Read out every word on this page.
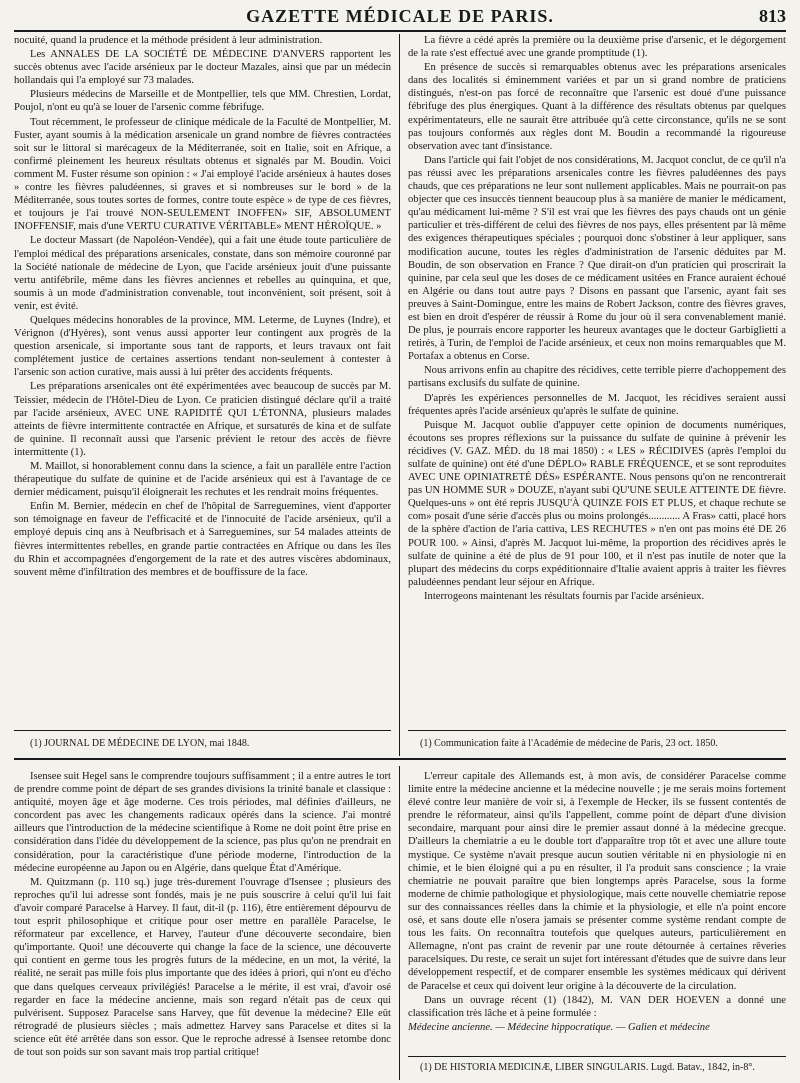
GAZETTE MÉDICALE DE PARIS.	813

nocuité, quand la prudence et la méthode président à leur administration.

Les ANNALES DE LA SOCIÉTÉ DE MÉDECINE D'ANVERS rapportent les succès obtenus avec l'acide arsénieux par le docteur Mazales, ainsi que par un médecin hollandais qui l'a employé sur 73 malades.

Plusieurs médecins de Marseille et de Montpellier, tels que MM. Chrestien, Lordat, Poujol, n'ont eu qu'à se louer de l'arsenic comme fébrifuge.

Tout récemment, le professeur de clinique médicale de la Faculté de Montpellier, M. Fuster, ayant soumis à la médication arsenicale un grand nombre de fièvres contractées soit sur le littoral si marécageux de la Méditerranée, soit en Italie, soit en Afrique, a confirmé pleinement les heureux résultats obtenus et signalés par M. Boudin. Voici comment M. Fuster résume son opinion : « J'ai employé l'acide arsénieux à hautes doses » contre les fièvres paludéennes, si graves et si nombreuses sur le bord » de la Méditerranée, sous toutes sortes de formes, contre toute espèce » de type de ces fièvres, et toujours je l'ai trouvé NON-SEULEMENT INOFFEN» SIF, ABSOLUMENT INOFFENSIF, mais d'une VERTU CURATIVE VÉRITABLE» MENT HÉROÏQUE. »

Le docteur Massart (de Napoléon-Vendée), qui a fait une étude toute particulière de l'emploi médical des préparations arsenicales, constate, dans son mémoire couronné par la Société nationale de médecine de Lyon, que l'acide arsénieux jouit d'une puissante vertu antifébrile, même dans les fièvres anciennes et rebelles au quinquina, et que, soumis à un mode d'administration convenable, tout inconvénient, soit présent, soit à venir, est évité.

Quelques médecins honorables de la province, MM. Leterme, de Luynes (Indre), et Vérignon (d'Hyères), sont venus aussi apporter leur contingent aux progrès de la question arsenicale, si importante sous tant de rapports, et leurs travaux ont fait complétement justice de certaines assertions tendant non-seulement à contester à l'arsenic son action curative, mais aussi à lui prêter des accidents fréquents.

Les préparations arsenicales ont été expérimentées avec beaucoup de succès par M. Teissier, médecin de l'Hôtel-Dieu de Lyon. Ce praticien distingué déclare qu'il a traité par l'acide arsénieux, AVEC UNE RAPIDITÉ QUI L'ÉTONNA, plusieurs malades atteints de fièvre intermittente contractée en Afrique, et sursaturés de kina et de sulfate de quinine. Il reconnaît aussi que l'arsenic prévient le retour des accès de fièvre intermittente (1).

M. Maillot, si honorablement connu dans la science, a fait un parallèle entre l'action thérapeutique du sulfate de quinine et de l'acide arsénieux qui est à l'avantage de ce dernier médicament, puisqu'il éloignerait les rechutes et les rendrait moins fréquentes.

Enfin M. Bernier, médecin en chef de l'hôpital de Sarreguemines, vient d'apporter son témoignage en faveur de l'efficacité et de l'innocuité de l'acide arsénieux, qu'il a employé depuis cinq ans à Neufbrisach et à Sarreguemines, sur 54 malades atteints de fièvres intermittentes rebelles, en grande partie contractées en Afrique ou dans les îles du Rhin et accompagnées d'engorgement de la rate et des autres viscères abdominaux, souvent même d'infiltration des membres et de bouffissure de la face.

La fièvre a cédé après la première ou la deuxième prise d'arsenic, et le dégorgement de la rate s'est effectué avec une grande promptitude (1).

En présence de succès si remarquables obtenus avec les préparations arsenicales dans des localités si éminemment variées et par un si grand nombre de praticiens distingués, n'est-on pas forcé de reconnaître que l'arsenic est doué d'une puissance fébrifuge des plus énergiques. Quant à la différence des résultats obtenus par quelques expérimentateurs, elle ne saurait être attribuée qu'à cette circonstance, qu'ils ne se sont pas toujours conformés aux règles dont M. Boudin a recommandé la rigoureuse observation avec tant d'insistance.

Dans l'article qui fait l'objet de nos considérations, M. Jacquot conclut, de ce qu'il n'a pas réussi avec les préparations arsenicales contre les fièvres paludéennes des pays chauds, que ces préparations ne leur sont nullement applicables. Mais ne pourrait-on pas objecter que ces insuccès tiennent beaucoup plus à sa manière de manier le médicament, qu'au médicament lui-même ? S'il est vrai que les fièvres des pays chauds ont un génie particulier et très-différent de celui des fièvres de nos pays, elles présentent par là même des exigences thérapeutiques spéciales ; pourquoi donc s'obstiner à leur appliquer, sans modification aucune, toutes les règles d'administration de l'arsenic déduites par M. Boudin, de son observation en France ? Que dirait-on d'un praticien qui proscrirait la quinine, par cela seul que les doses de ce médicament usitées en France auraient échoué en Algérie ou dans tout autre pays ? Disons en passant que l'arsenic, ayant fait ses preuves à Saint-Domingue, entre les mains de Robert Jackson, contre des fièvres graves, est bien en droit d'espérer de réussir à Rome du jour où il sera convenablement manié. De plus, je pourrais encore rapporter les heureux avantages que le docteur Garbiglietti a retirés, à Turin, de l'emploi de l'acide arsénieux, et ceux non moins remarquables que M. Portafax a obtenus en Corse.

Nous arrivons enfin au chapitre des récidives, cette terrible pierre d'achoppement des partisans exclusifs du sulfate de quinine.

D'après les expériences personnelles de M. Jacquot, les récidives seraient aussi fréquentes après l'acide arsénieux qu'après le sulfate de quinine.

Puisque M. Jacquot oublie d'appuyer cette opinion de documents numériques, écoutons ses propres réflexions sur la puissance du sulfate de quinine à prévenir les récidives (V. GAZ. MÉD. du 18 mai 1850) : « LES » RÉCIDIVES (après l'emploi du sulfate de quinine) ont été d'une DÉPLO» RABLE FRÉQUENCE, et se sont reproduites AVEC UNE OPINIATRETÉ DÉS» ESPÉRANTE. Nous pensons qu'on ne rencontrerait pas UN HOMME SUR » DOUZE, n'ayant subi QU'UNE SEULE ATTEINTE DE fièvre. Quelques-uns » ont été repris JUSQU'À QUINZE FOIS ET PLUS, et chaque rechute se com» posait d'une série d'accès plus ou moins prolongés............ A Fras» catti, placé hors de la sphère d'action de l'aria cattiva, LES RECHUTES » n'en ont pas moins été DE 26 POUR 100. » Ainsi, d'après M. Jacquot lui-même, la proportion des récidives après le sulfate de quinine a été de plus de 91 pour 100, et il n'est pas inutile de noter que la plupart des médecins du corps expéditionnaire d'Italie avaient appris à traiter les fièvres paludéennes pendant leur séjour en Afrique.

Interrogeons maintenant les résultats fournis par l'acide arsénieux.

(1) JOURNAL DE MÉDECINE DE LYON, mai 1848.	(1) Communication faite à l'Académie de médecine de Paris, 23 oct. 1850.

Isensee suit Hegel sans le comprendre toujours suffisamment ; il a entre autres le tort de prendre comme point de départ de ses grandes divisions la trinité banale et classique : antiquité, moyen âge et âge moderne. Ces trois périodes, mal définies d'ailleurs, ne concordent pas avec les changements radicaux opérés dans la science. J'ai montré ailleurs que l'introduction de la médecine scientifique à Rome ne doit point être prise en considération dans l'idée du développement de la science, pas plus qu'on ne prendrait en considération, pour la caractéristique d'une période moderne, l'introduction de la médecine européenne au Japon ou en Algérie, dans quelque État d'Amérique.

M. Quitzmann (p. 110 sq.) juge très-durement l'ouvrage d'Isensee ; plusieurs des reproches qu'il lui adresse sont fondés, mais je ne puis souscrire à celui qu'il lui fait d'avoir comparé Paracelse à Harvey. Il faut, dit-il (p. 116), être entièrement dépourvu de tout esprit philosophique et critique pour oser mettre en parallèle Paracelse, le réformateur par excellence, et Harvey, l'auteur d'une découverte secondaire, bien qu'importante. Quoi! une découverte qui change la face de la science, une découverte qui contient en germe tous les progrès futurs de la médecine, en un mot, la vérité, la réalité, ne serait pas mille fois plus importante que des idées à priori, qui n'ont eu d'écho que dans quelques cerveaux privilégiés! Paracelse a le mérite, il est vrai, d'avoir osé regarder en face la médecine ancienne, mais son regard n'était pas de ceux qui pulvérisent. Supposez Paracelse sans Harvey, que fût devenue la médecine? Elle eût rétrogradé de plusieurs siècles ; mais admettez Harvey sans Paracelse et dites si la science eût été arrêtée dans son essor. Que le reproche adressé à Isensee retombe donc de tout son poids sur son savant mais trop partial critique!

L'erreur capitale des Allemands est, à mon avis, de considérer Paracelse comme limite entre la médecine ancienne et la médecine nouvelle ; je me serais moins fortement élevé contre leur manière de voir si, à l'exemple de Hecker, ils se fussent contentés de prendre le réformateur, ainsi qu'ils l'appellent, comme point de départ d'une division secondaire, marquant pour ainsi dire le premier assaut donné à la médecine grecque. D'ailleurs la chemiatrie a eu le double tort d'apparaître trop tôt et avec une allure toute mystique. Ce système n'avait presque aucun soutien véritable ni en physiologie ni en chimie, et le bien éloigné qui a pu en résulter, il l'a produit sans conscience ; la vraie chemiatrie ne pouvait paraître que bien longtemps après Paracelse, sous la forme moderne de chimie pathologique et physiologique, mais cette nouvelle chemiatrie repose sur des connaissances réelles dans la chimie et la physiologie, et elle n'a point encore osé, et sans doute elle n'osera jamais se présenter comme système rendant compte de tous les faits. On reconnaîtra toutefois que quelques auteurs, particulièrement en Allemagne, n'ont pas craint de revenir par une route détournée à certaines rêveries paracelsiques. Du reste, ce serait un sujet fort intéressant d'études que de suivre dans leur développement respectif, et de comparer ensemble les systèmes médicaux qui dérivent de Paracelse et ceux qui doivent leur origine à la découverte de la circulation.

Dans un ouvrage récent (1) (1842), M. VAN DER HOEVEN a donné une classification très lâche et à peine formulée :

Médecine ancienne. — Médecine hippocratique. — Galien et médecine

(1) DE HISTORIA MEDICINÆ, LIBER SINGULARIS. Lugd. Batav., 1842, in-8°.
